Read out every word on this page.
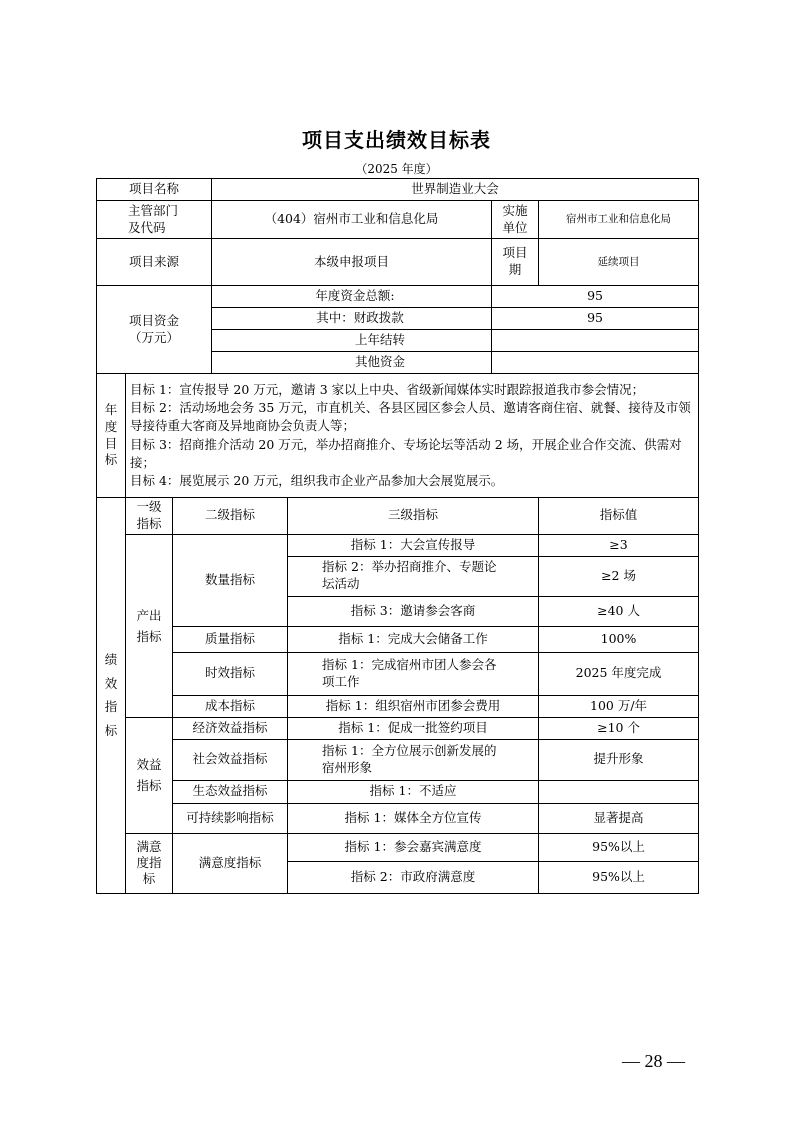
项目支出绩效目标表
（2025 年度）
项目名称			世界制造业大会			
主管部门及代码			（404）宿州市工业和信息化局		实施单位	宿州市工业和信息化局
项目来源			本级申报项目		项目期	延续项目
项目资金（万元）			年度资金总额:		95	
			其中：财政拨款		95	
			上年结转			
			其他资金			
年度目标	目标 1：宣传报导 20 万元，邀请 3 家以上中央、省级新闻媒体实时跟踪报道我市参会情况；
目标 2：活动场地会务 35 万元，市直机关、各县区园区参会人员、邀请客商住宿、就餐、接待及市领导接待重大客商及异地商协会负责人等；
目标 3：招商推介活动 20 万元，举办招商推介、专场论坛等活动 2 场，开展企业合作交流、供需对接；
目标 4：展览展示 20 万元，组织我市企业产品参加大会展览展示。					

绩效指标	一级指标	二级指标		三级指标		指标值
	产出指标	数量指标		指标 1：大会宣传报导		≥3
				指标 2：举办招商推介、专题论坛活动		≥2 场
				指标 3：邀请参会客商		≥40 人
		质量指标		指标 1：完成大会储备工作		100%
		时效指标		指标 1：完成宿州市团人参会各项工作		2025 年度完成
		成本指标		指标 1：组织宿州市团参会费用		100 万/年
	效益指标	经济效益指标		指标 1：促成一批签约项目		≥10 个
		社会效益指标		指标 1：全方位展示创新发展的宿州形象		提升形象
		生态效益指标		指标 1：不适应		
		可持续影响指标		指标 1：媒体全方位宣传		显著提高
	满意度指标	满意度指标		指标 1：参会嘉宾满意度		95%以上
				指标 2：市政府满意度		95%以上
— 28 —
